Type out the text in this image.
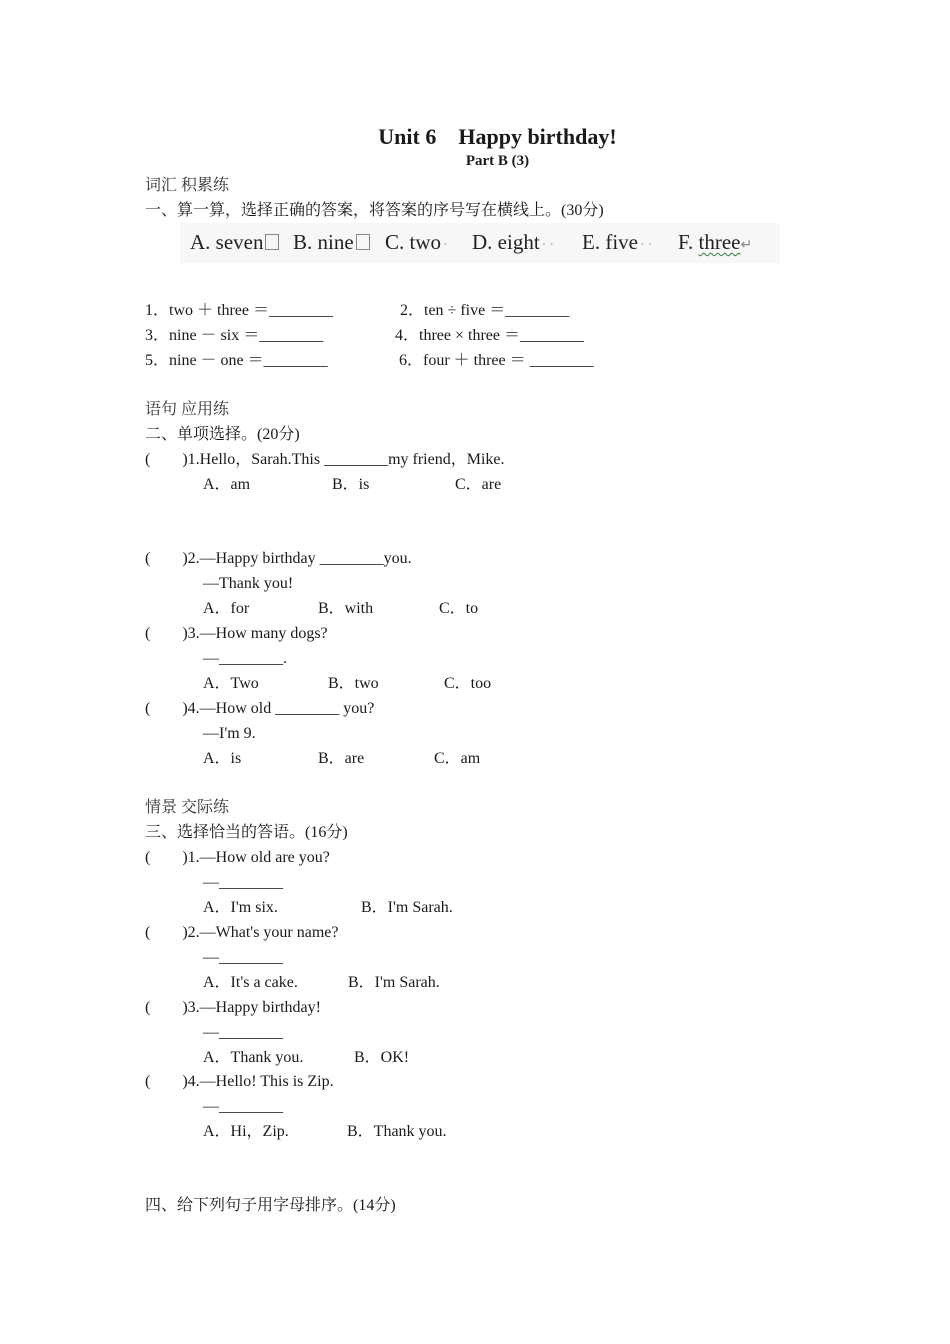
Unit 6    Happy birthday!
Part B (3)
词汇 积累练
一、算一算，选择正确的答案，将答案的序号写在横线上。(30分)
A. seven	B. nine	C. two · D. eight ·· E. five ·· F. three↵
1．two ＋ three ＝________	2．ten ÷ five ＝________
3．nine － six ＝________	4．three × three ＝________
5．nine － one ＝________	6．four ＋ three ＝ ________
语句 应用练
二、单项选择。(20分)
(        )1.Hello，Sarah.This ________my friend，Mike.
A．am	B．is	C．are
(        )2.—Happy birthday ________you.
—Thank you!
A．for	B．with	C．to
(        )3.—How many dogs?
—________.
A．Two	B．two	C．too
(        )4.—How old ________ you?
—I'm 9.
A．is	B．are	C．am
情景 交际练
三、选择恰当的答语。(16分)
(        )1.—How old are you?
—________
A．I'm six.	B．I'm Sarah.
(        )2.—What's your name?
—________
A．It's a cake.	B．I'm Sarah.
(        )3.—Happy birthday!
—________
A．Thank you.	B．OK!
(        )4.—Hello! This is Zip.
—________
A．Hi，Zip.	B．Thank you.
四、给下列句子用字母排序。(14分)
